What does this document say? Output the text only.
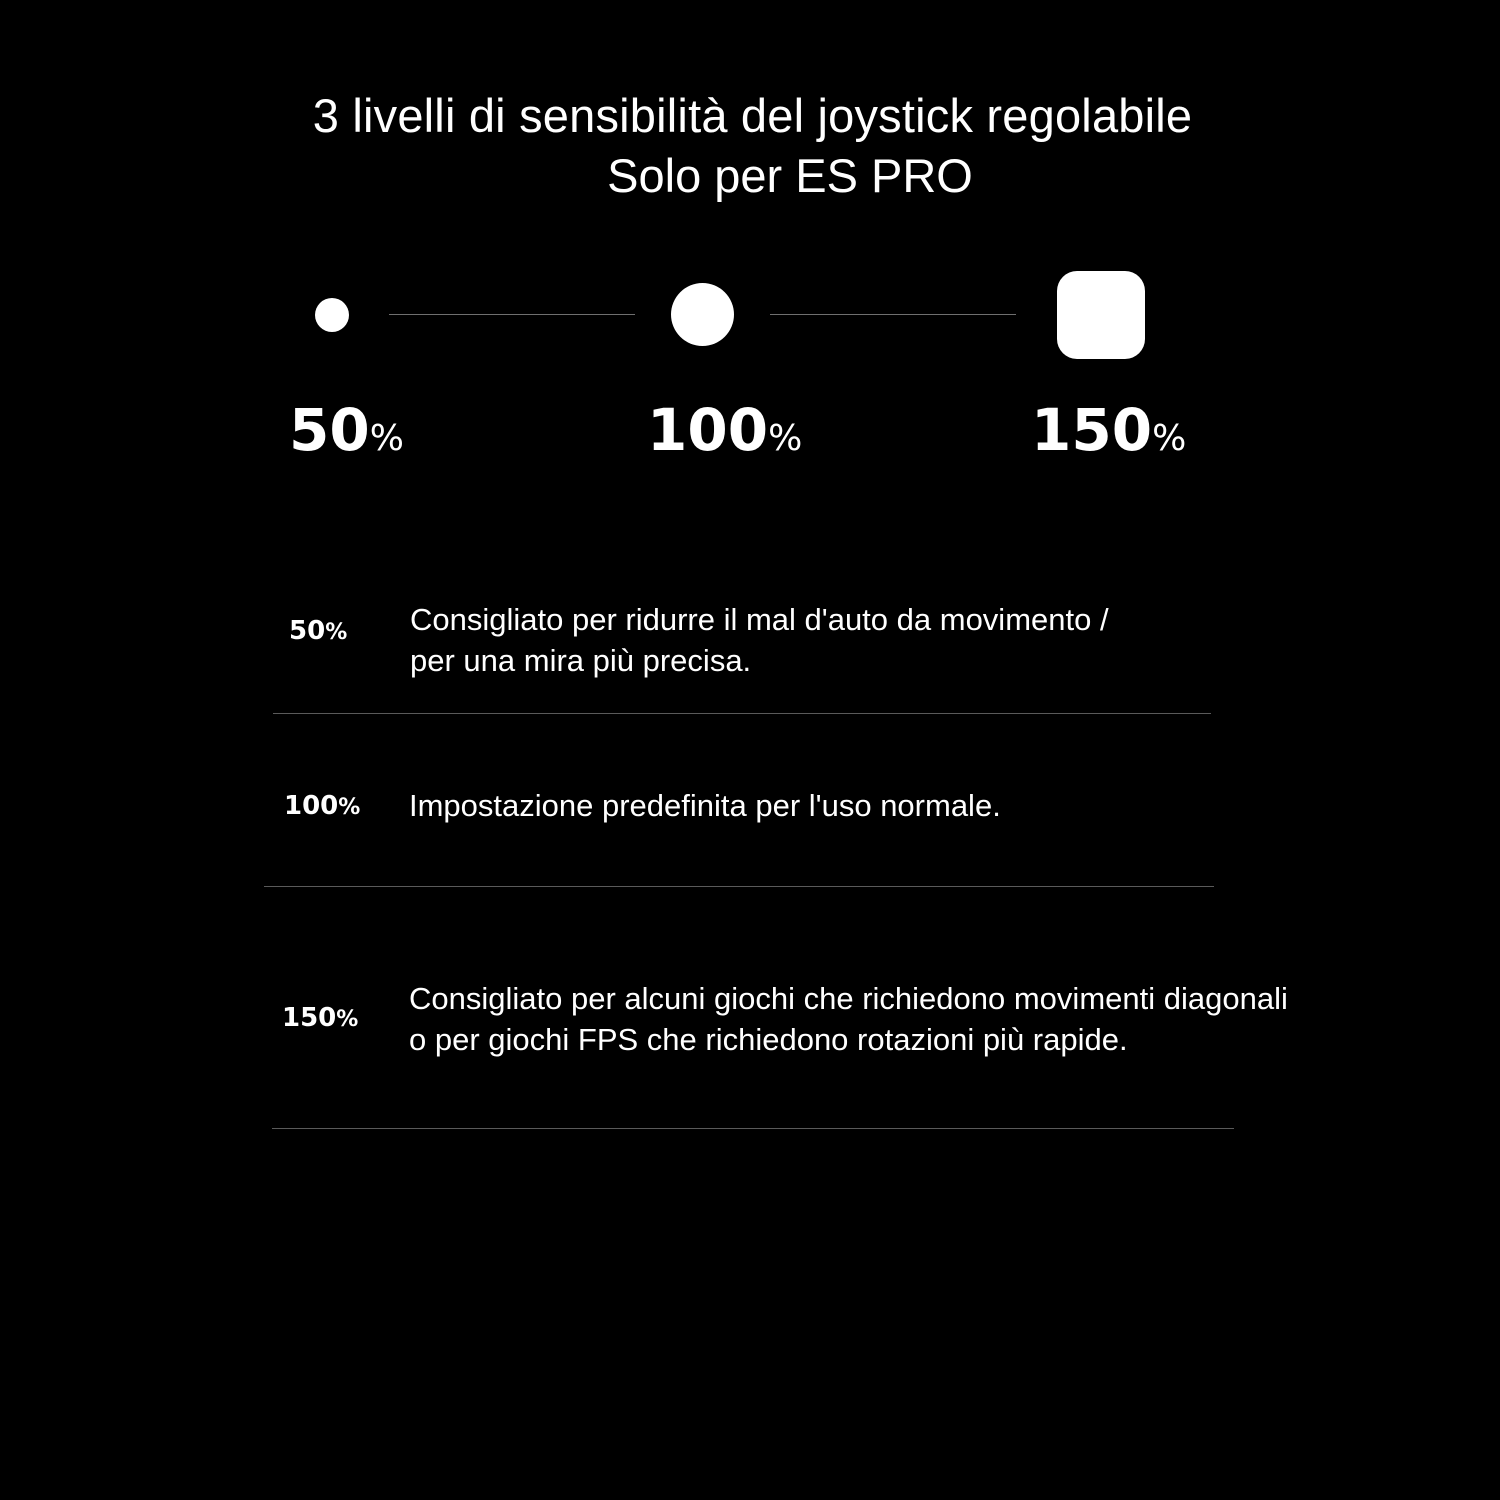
3 livelli di sensibilità del joystick regolabile
Solo per ES PRO
50%	100%	150%
50% Consigliato per ridurre il mal d'auto da movimento /
per una mira più precisa.
100% Impostazione predefinita per l'uso normale.
150%
Consigliato per alcuni giochi che richiedono movimenti diagonali
o per giochi FPS che richiedono rotazioni più rapide.
